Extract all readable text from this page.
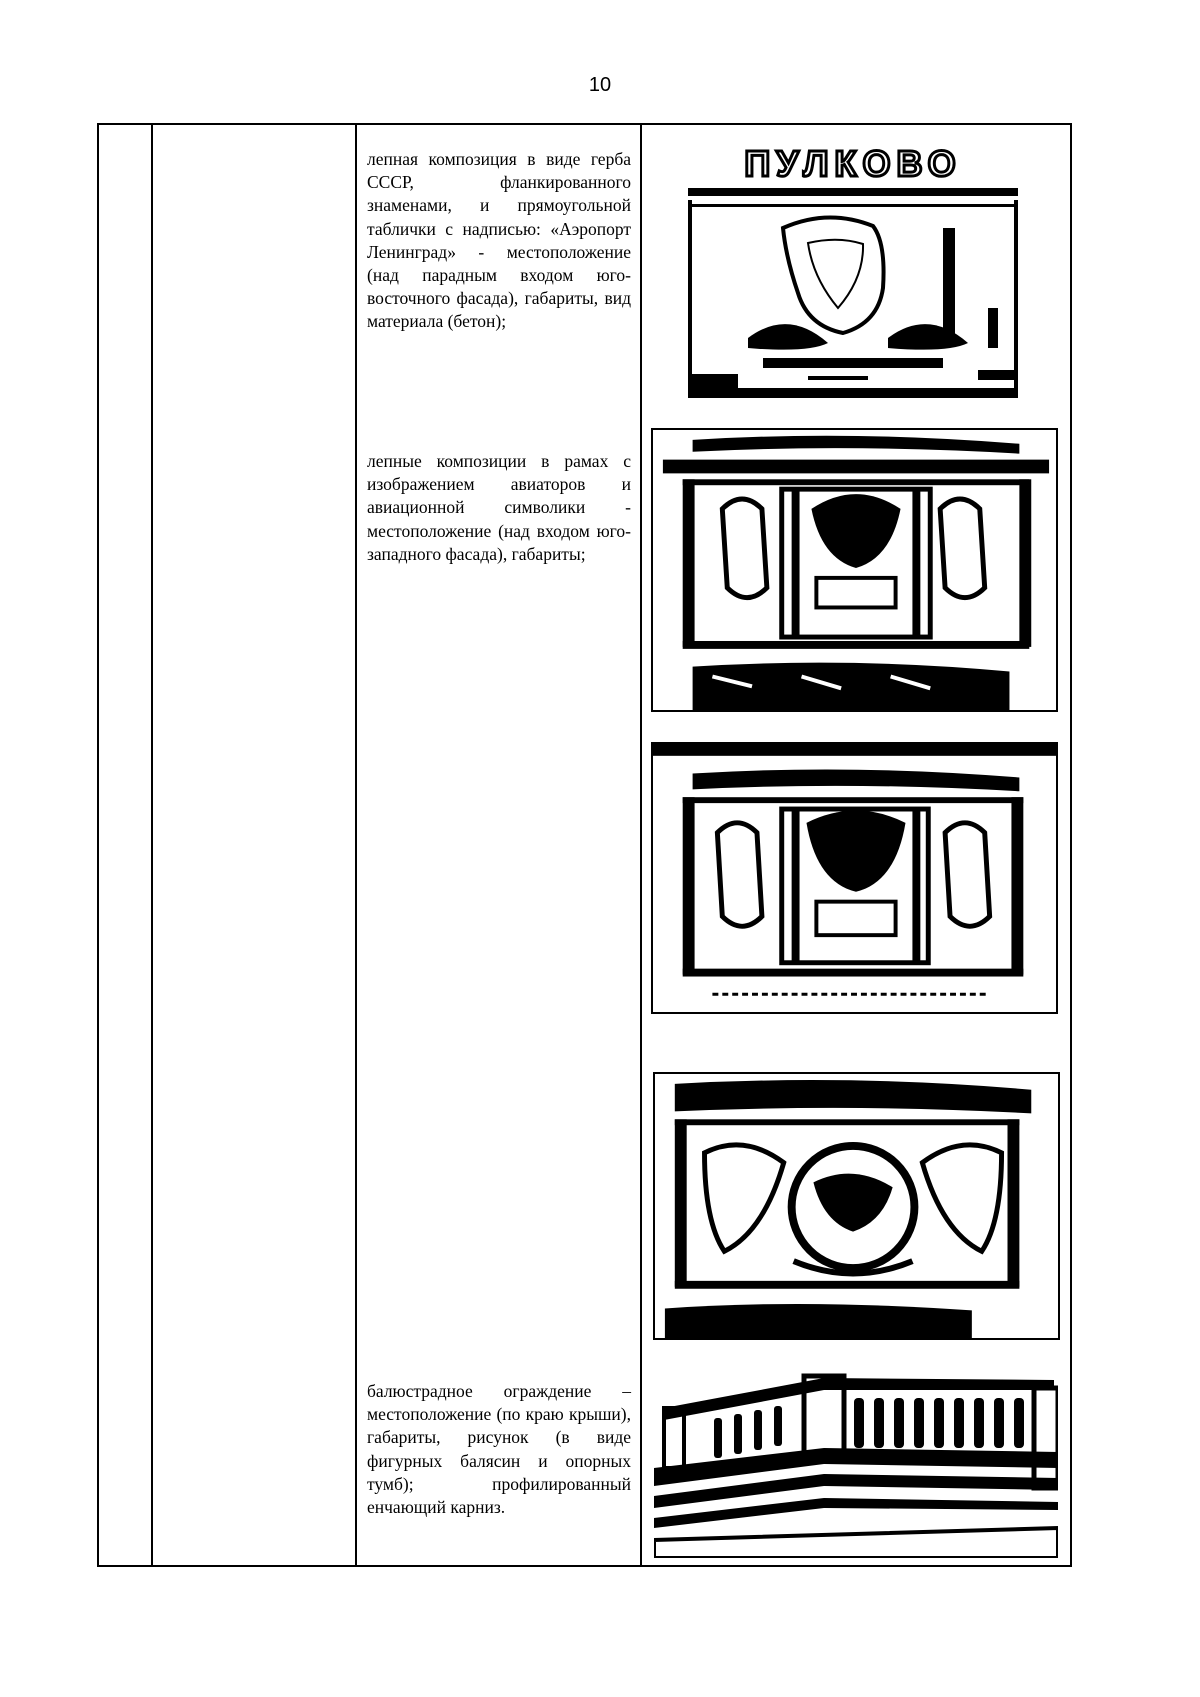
10
лепная композиция в виде герба СССР, фланкированного знаменами, и прямоугольной таблички с надписью: «Аэропорт Ленинград» - местоположение (над парадным входом юго-восточного фасада), габариты, вид материала (бетон);
лепные композиции в рамах с изображением авиаторов и авиационной символики - местоположение (над входом юго-западного фасада), габариты;
балюстрадное ограждение – местоположение (по краю крыши), габариты, рисунок (в виде фигурных балясин и опорных тумб); профилированный енчающий карниз.
ПУЛКОВО
